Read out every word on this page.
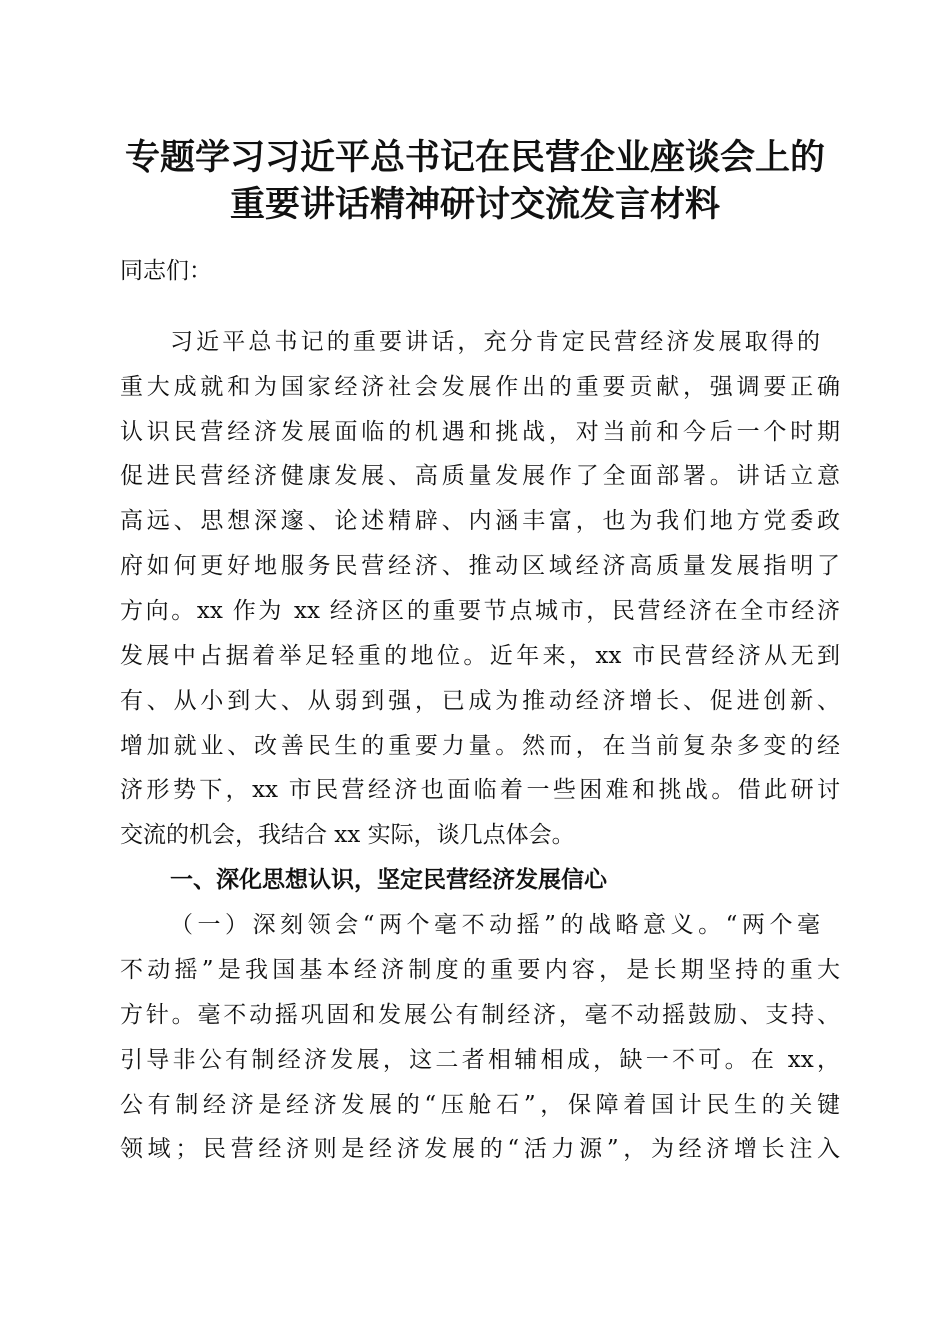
专题学习习近平总书记在民营企业座谈会上的
重要讲话精神研讨交流发言材料
同志们：
习近平总书记的重要讲话，充分肯定民营经济发展取得的
重大成就和为国家经济社会发展作出的重要贡献，强调要正确
认识民营经济发展面临的机遇和挑战，对当前和今后一个时期
促进民营经济健康发展、高质量发展作了全面部署。讲话立意
高远、思想深邃、论述精辟、内涵丰富，也为我们地方党委政
府如何更好地服务民营经济、推动区域经济高质量发展指明了
方向。xx 作为 xx 经济区的重要节点城市，民营经济在全市经济
发展中占据着举足轻重的地位。近年来，xx 市民营经济从无到
有、从小到大、从弱到强，已成为推动经济增长、促进创新、
增加就业、改善民生的重要力量。然而，在当前复杂多变的经
济形势下，xx 市民营经济也面临着一些困难和挑战。借此研讨
交流的机会，我结合 xx 实际，谈几点体会。
一、深化思想认识，坚定民营经济发展信心
（一）深刻领会“两个毫不动摇”的战略意义。“两个毫
不动摇”是我国基本经济制度的重要内容，是长期坚持的重大
方针。毫不动摇巩固和发展公有制经济，毫不动摇鼓励、支持、
引导非公有制经济发展，这二者相辅相成，缺一不可。在 xx，
公有制经济是经济发展的“压舱石”，保障着国计民生的关键
领域；民营经济则是经济发展的“活力源”，为经济增长注入
